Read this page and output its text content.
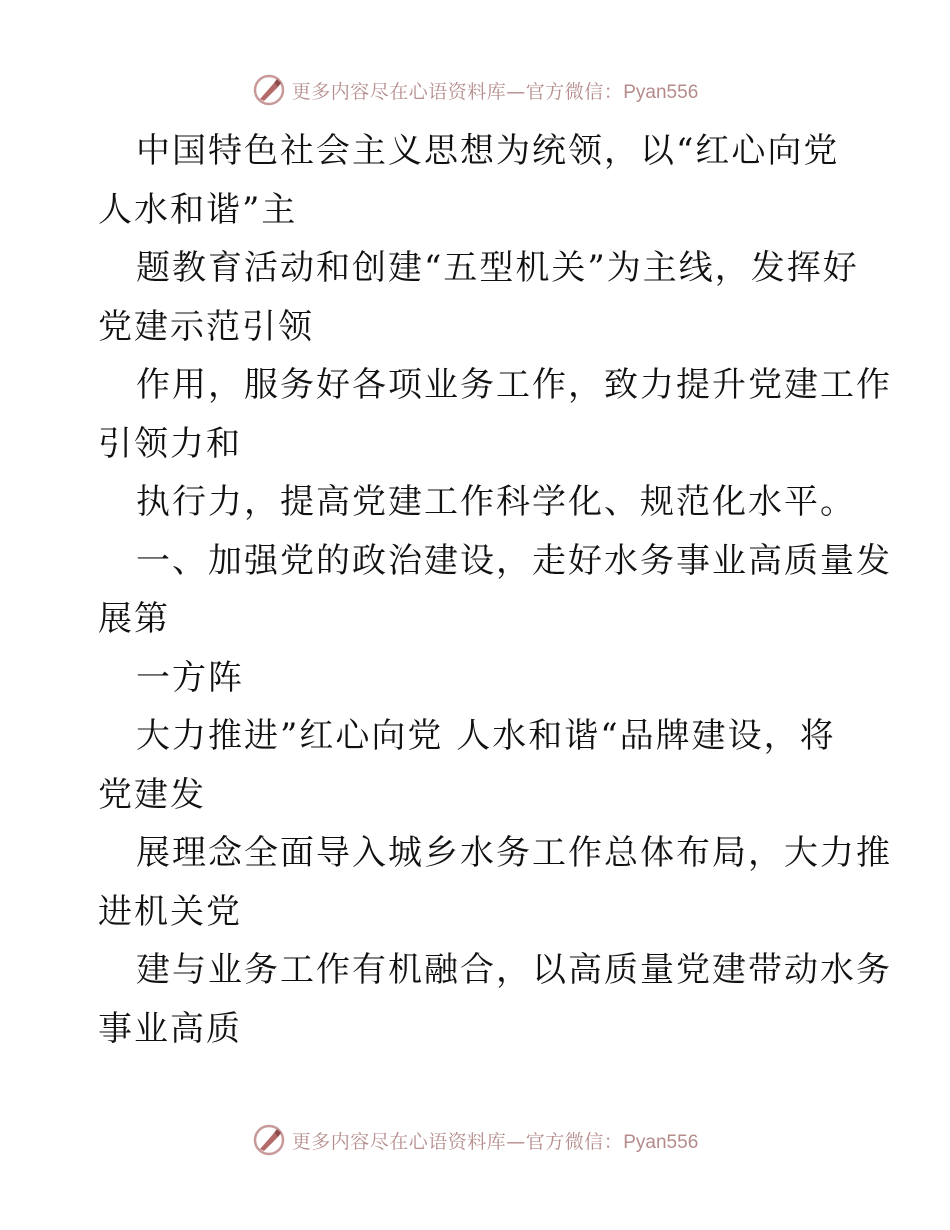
更多内容尽在心语资料库—官方微信：Pyan556
中国特色社会主义思想为统领，以“红心向党
人水和谐”主
题教育活动和创建“五型机关”为主线，发挥好
党建示范引领
作用，服务好各项业务工作，致力提升党建工作
引领力和
执行力，提高党建工作科学化、规范化水平。
一、加强党的政治建设，走好水务事业高质量发
展第
一方阵
大力推进”红心向党 人水和谐“品牌建设，将
党建发
展理念全面导入城乡水务工作总体布局，大力推
进机关党
建与业务工作有机融合，以高质量党建带动水务
事业高质
更多内容尽在心语资料库—官方微信：Pyan556
